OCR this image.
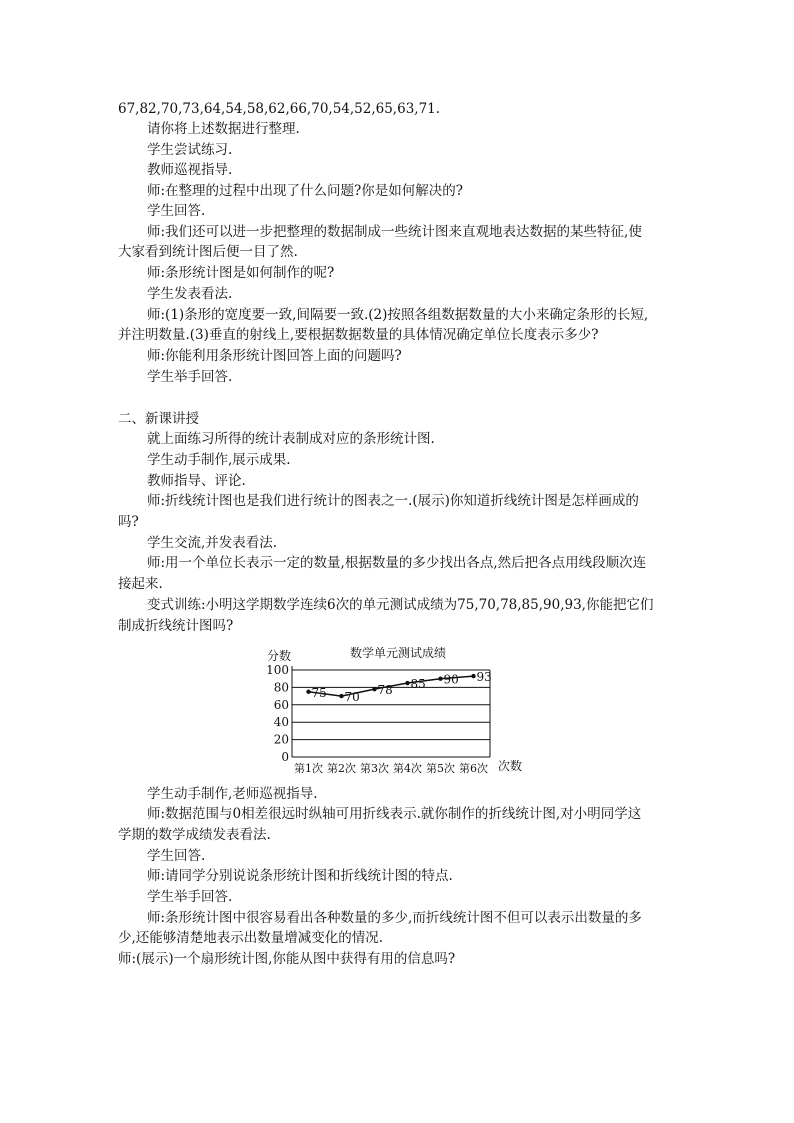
67,82,70,73,64,54,58,62,66,70,54,52,65,63,71.
请你将上述数据进行整理.
学生尝试练习.
教师巡视指导.
师:在整理的过程中出现了什么问题?你是如何解决的?
学生回答.
师:我们还可以进一步把整理的数据制成一些统计图来直观地表达数据的某些特征,使
大家看到统计图后便一目了然.
师:条形统计图是如何制作的呢?
学生发表看法.
师:(1)条形的宽度要一致,间隔要一致.(2)按照各组数据数量的大小来确定条形的长短,
并注明数量.(3)垂直的射线上,要根据数据数量的具体情况确定单位长度表示多少?
师:你能利用条形统计图回答上面的问题吗?
学生举手回答.
二、新课讲授
就上面练习所得的统计表制成对应的条形统计图.
学生动手制作,展示成果.
教师指导、评论.
师:折线统计图也是我们进行统计的图表之一.(展示)你知道折线统计图是怎样画成的
吗?
学生交流,并发表看法.
师:用一个单位长表示一定的数量,根据数量的多少找出各点,然后把各点用线段顺次连
接起来.
变式训练:小明这学期数学连续6次的单元测试成绩为75,70,78,85,90,93,你能把它们
制成折线统计图吗?
分数	数学单元测试成绩
0
20
40
60
80
100
75 70 78 85 90 93
第1次 第2次 第3次 第4次 第5次 第6次 次数
学生动手制作,老师巡视指导.
师:数据范围与0相差很远时纵轴可用折线表示.就你制作的折线统计图,对小明同学这
学期的数学成绩发表看法.
学生回答.
师:请同学分别说说条形统计图和折线统计图的特点.
学生举手回答.
师:条形统计图中很容易看出各种数量的多少,而折线统计图不但可以表示出数量的多
少,还能够清楚地表示出数量增减变化的情况.
师:(展示)一个扇形统计图,你能从图中获得有用的信息吗?
